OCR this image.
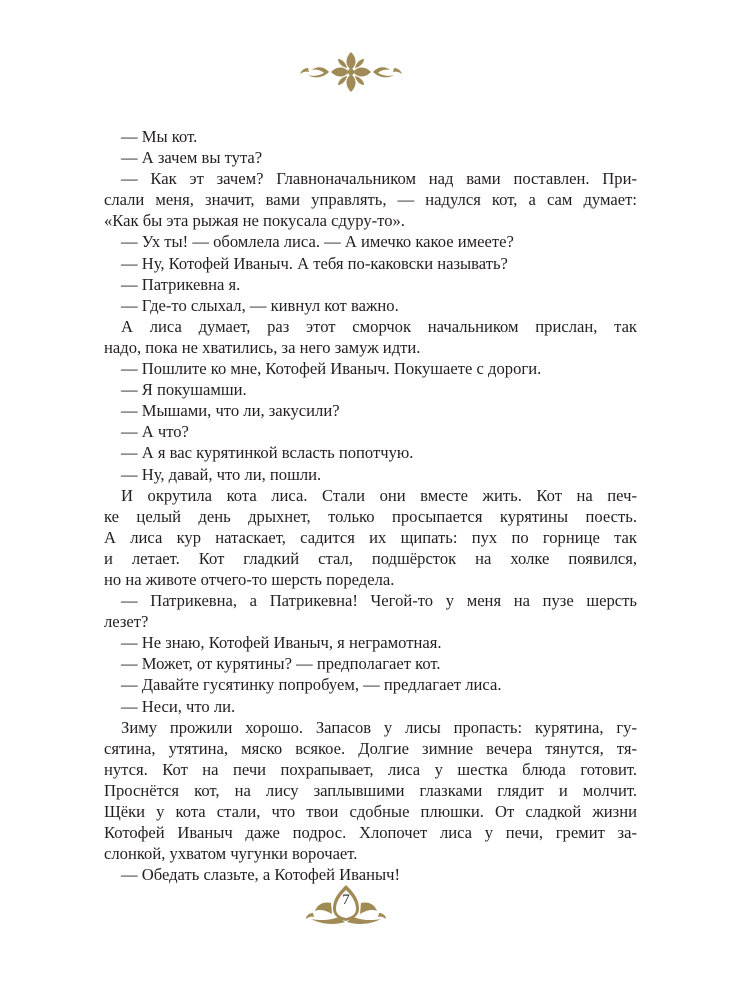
— Мы кот.
— А зачем вы тута?
— Как эт зачем? Главноначальником над вами поставлен. При-
слали меня, значит, вами управлять, — надулся кот, а сам думает:
«Как бы эта рыжая не покусала сдуру-то».
— Ух ты! — обомлела лиса. — А имечко какое имеете?
— Ну, Котофей Иваныч. А тебя по-каковски называть?
— Патрикевна я.
— Где-то слыхал, — кивнул кот важно.
А лиса думает, раз этот сморчок начальником прислан, так
надо, пока не хватились, за него замуж идти.
— Пошлите ко мне, Котофей Иваныч. Покушаете с дороги.
— Я покушамши.
— Мышами, что ли, закусили?
— А что?
— А я вас курятинкой всласть попотчую.
— Ну, давай, что ли, пошли.
И окрутила кота лиса. Стали они вместе жить. Кот на печ-
ке целый день дрыхнет, только просыпается курятины поесть.
А лиса кур натаскает, садится их щипать: пух по горнице так
и летает. Кот гладкий стал, подшёрсток на холке появился,
но на животе отчего-то шерсть поредела.
— Патрикевна, а Патрикевна! Чегой-то у меня на пузе шерсть
лезет?
— Не знаю, Котофей Иваныч, я неграмотная.
— Может, от курятины? — предполагает кот.
— Давайте гусятинку попробуем, — предлагает лиса.
— Неси, что ли.
Зиму прожили хорошо. Запасов у лисы пропасть: курятина, гу-
сятина, утятина, мяско всякое. Долгие зимние вечера тянутся, тя-
нутся. Кот на печи похрапывает, лиса у шестка блюда готовит.
Проснётся кот, на лису заплывшими глазками глядит и молчит.
Щёки у кота стали, что твои сдобные плюшки. От сладкой жизни
Котофей Иваныч даже подрос. Хлопочет лиса у печи, гремит за-
слонкой, ухватом чугунки ворочает.
— Обедать слазьте, а Котофей Иваныч!
7
